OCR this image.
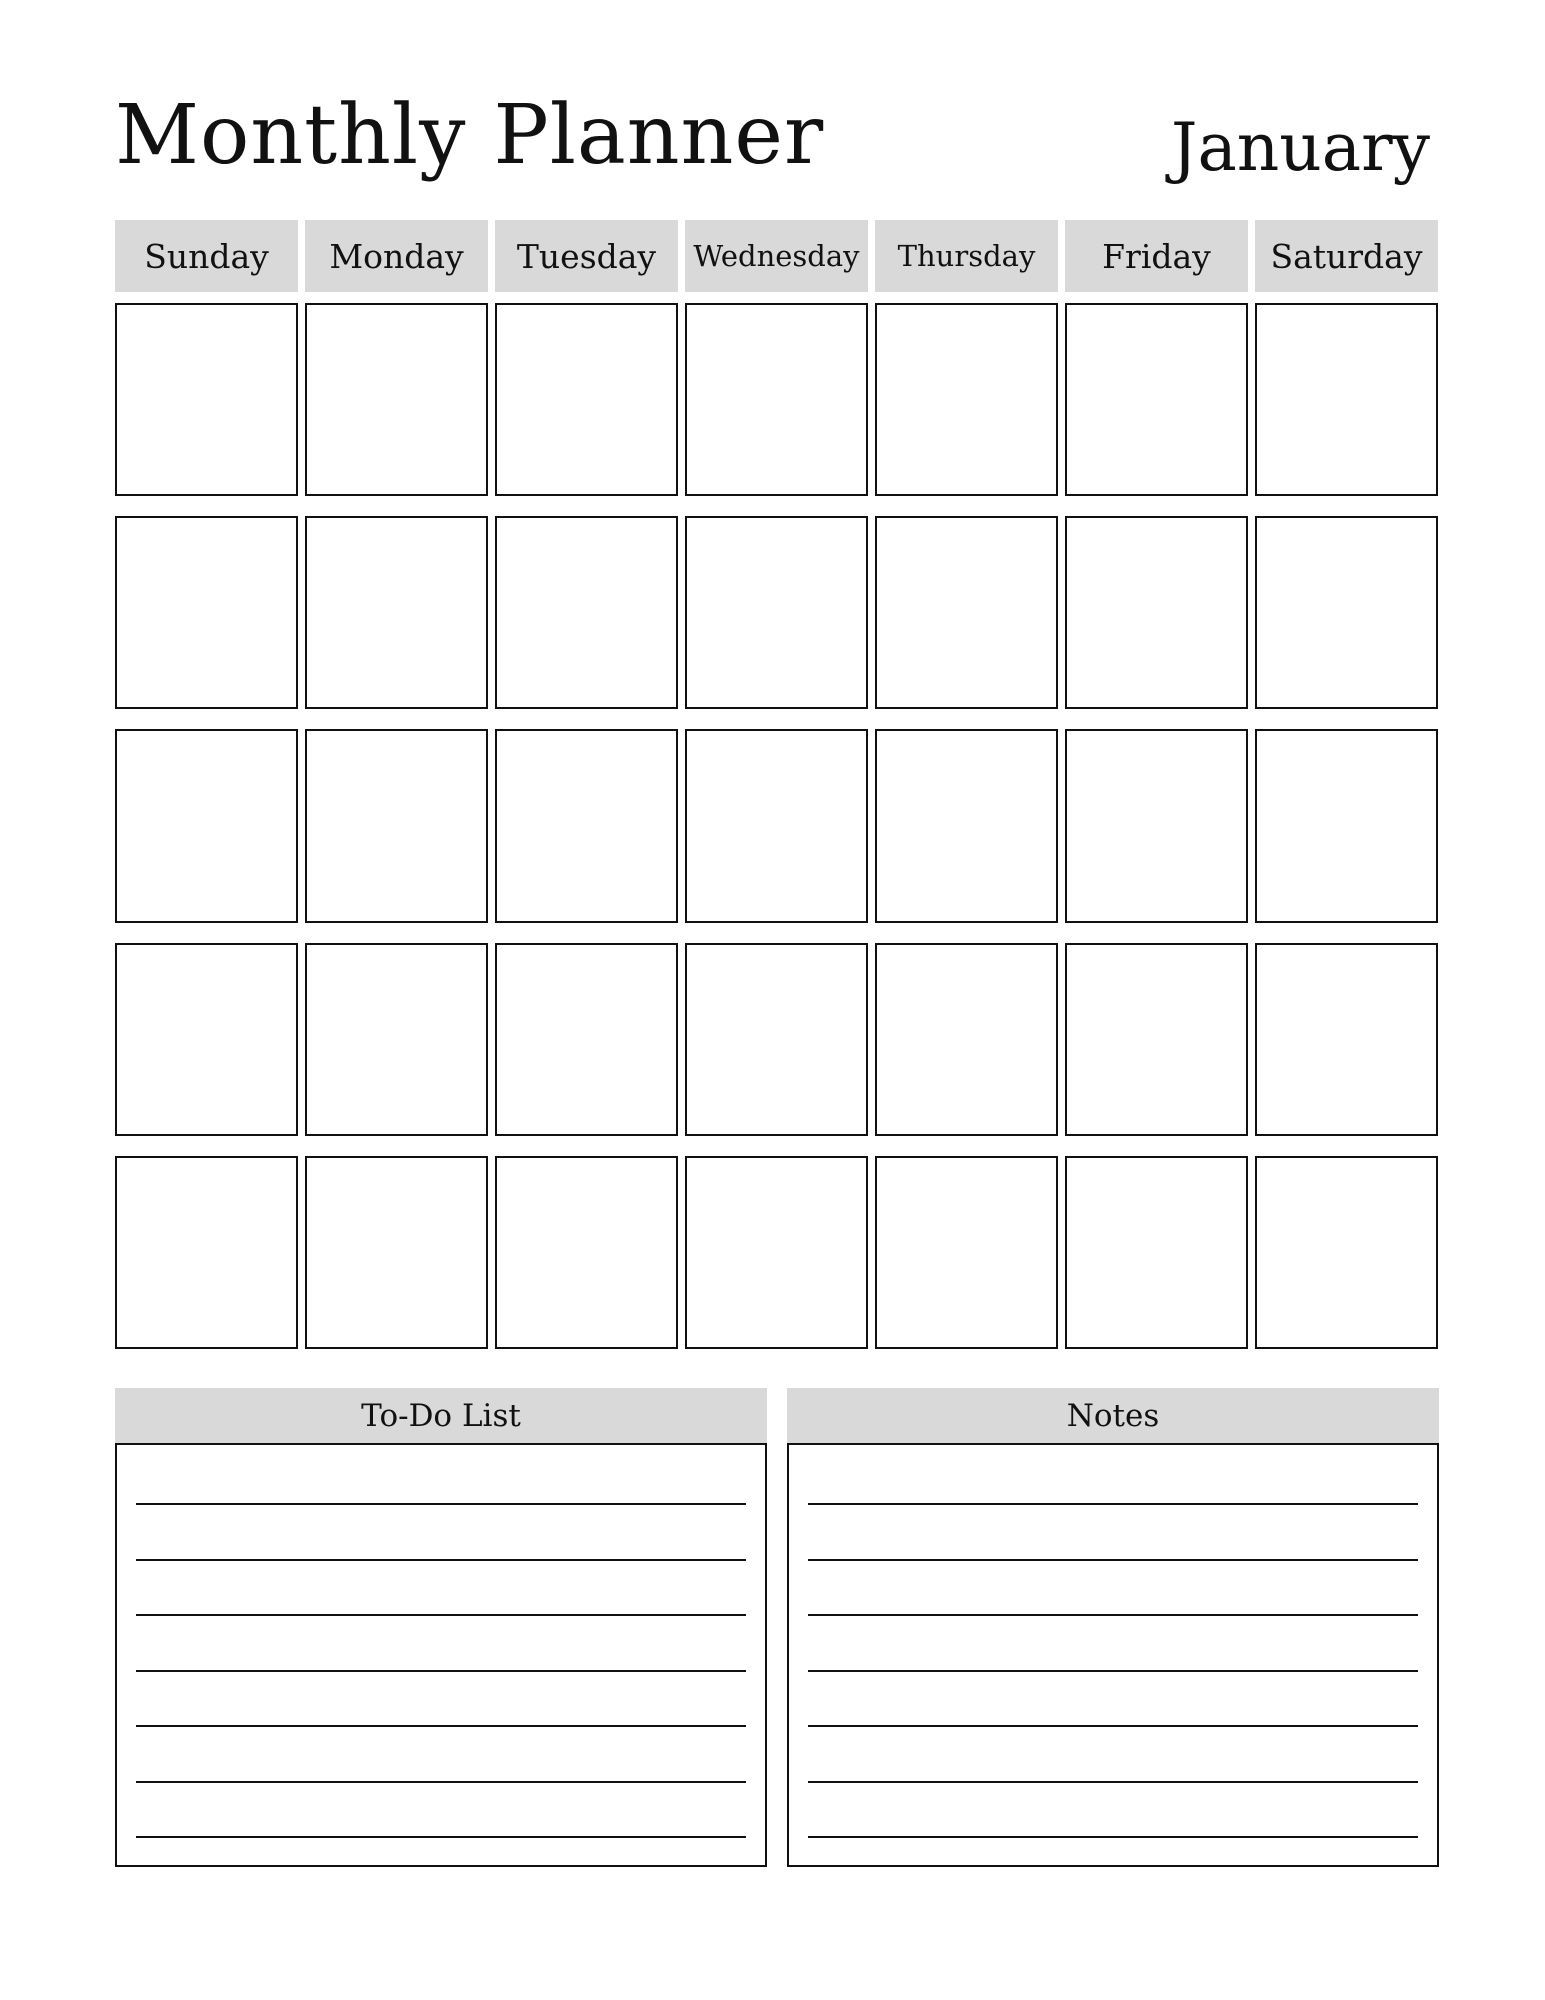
Monthly Planner	January
Sunday	Monday	Tuesday	Wednesday	Thursday	Friday	Saturday
To-Do List	Notes
